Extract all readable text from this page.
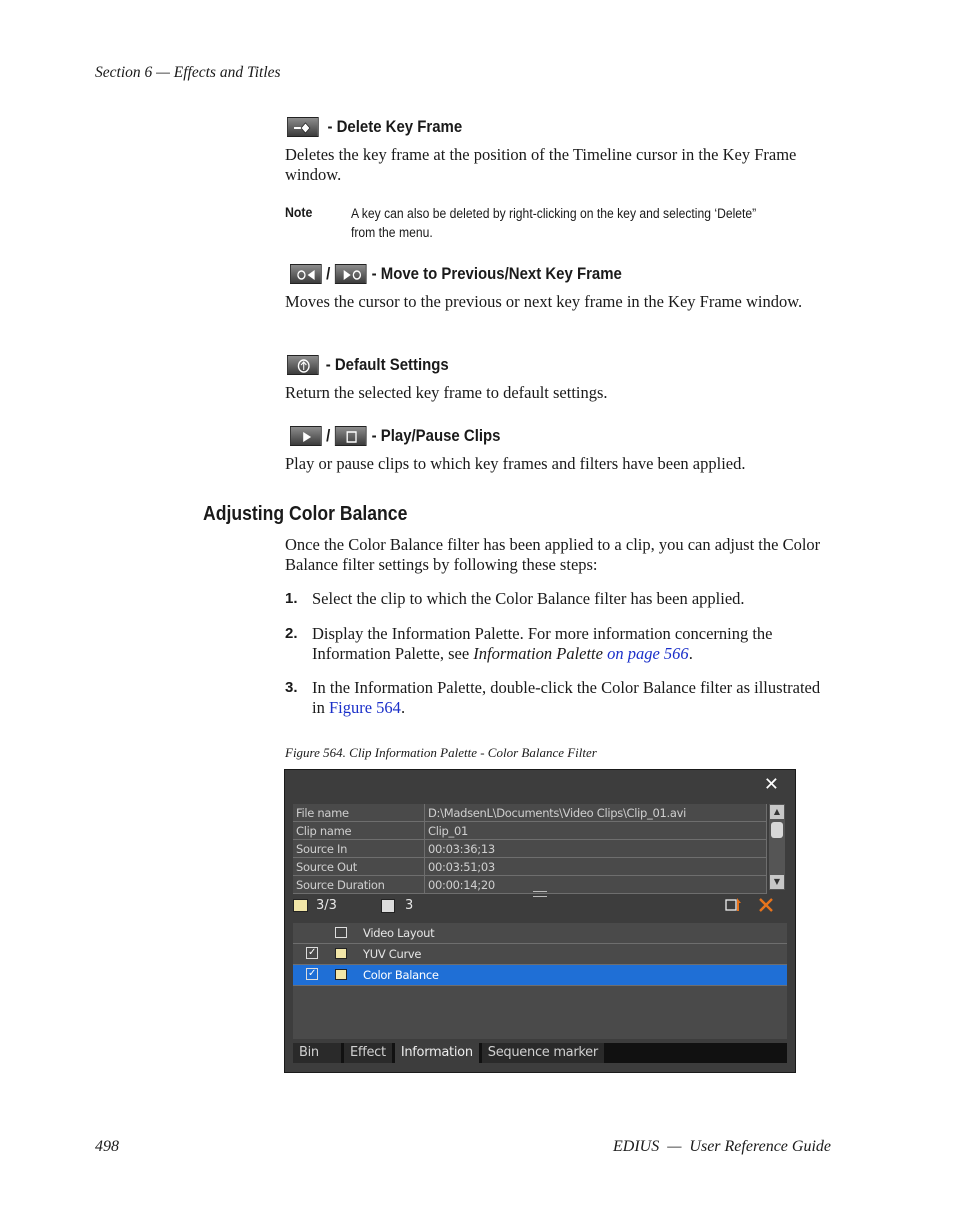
Section 6 — Effects and Titles
- Delete Key Frame
Deletes the key frame at the position of the Timeline cursor in the Key Frame window.
Note	A key can also be deleted by right-clicking on the key and selecting ‘Delete” from the menu.
/ - Move to Previous/Next Key Frame
Moves the cursor to the previous or next key frame in the Key Frame window.
- Default Settings
Return the selected key frame to default settings.
/ - Play/Pause Clips
Play or pause clips to which key frames and filters have been applied.
Adjusting Color Balance
Once the Color Balance filter has been applied to a clip, you can adjust the Color Balance filter settings by following these steps:
1. Select the clip to which the Color Balance filter has been applied.
2. Display the Information Palette. For more information concerning the Information Palette, see Information Palette on page 566.
3. In the Information Palette, double-click the Color Balance filter as illustrated in Figure 564.
Figure 564. Clip Information Palette - Color Balance Filter
✕
File name	D:\MadsenL\Documents\Video Clips\Clip_01.avi
Clip name	Clip_01
Source In	00:03:36;13
Source Out	00:03:51;03
Source Duration	00:00:14;20
▲
▼
3/3	3
Video Layout
✓	YUV Curve
✓	Color Balance
Bin	Effect	Information	Sequence marker
498	EDIUS  —  User Reference Guide
